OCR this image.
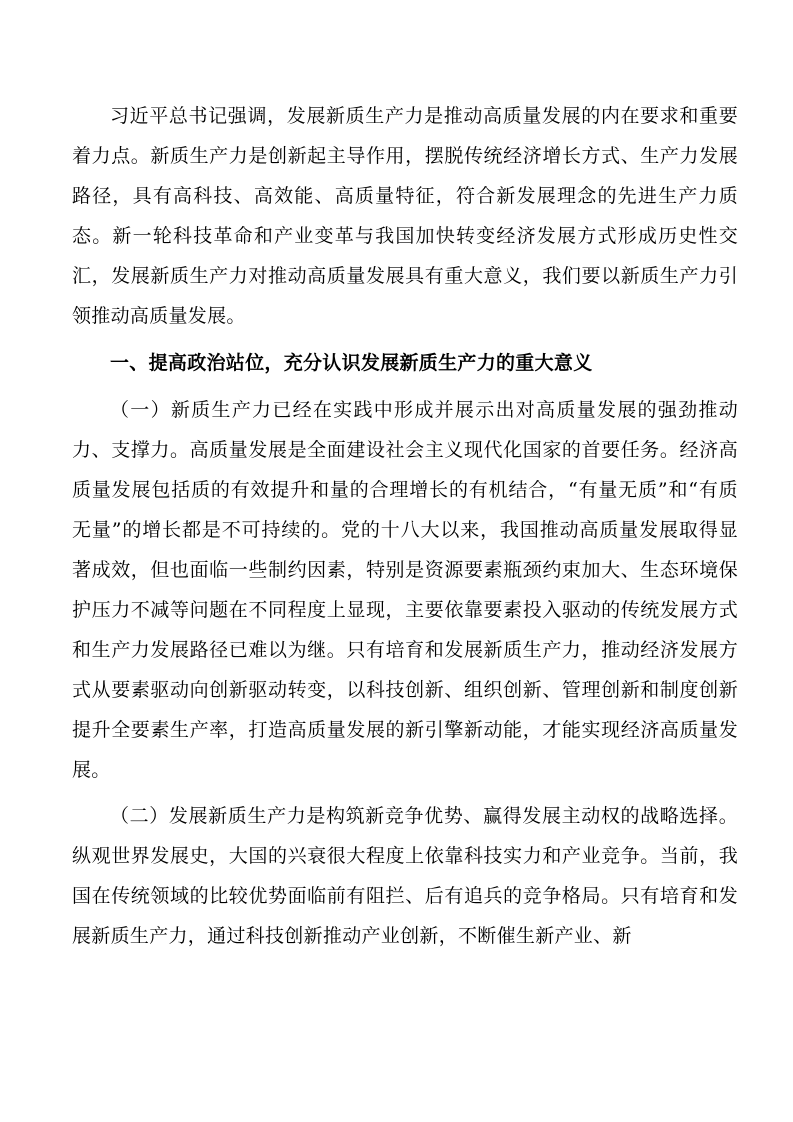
习近平总书记强调，发展新质生产力是推动高质量发展的内在要求和重要着力点。新质生产力是创新起主导作用，摆脱传统经济增长方式、生产力发展路径，具有高科技、高效能、高质量特征，符合新发展理念的先进生产力质态。新一轮科技革命和产业变革与我国加快转变经济发展方式形成历史性交汇，发展新质生产力对推动高质量发展具有重大意义，我们要以新质生产力引领推动高质量发展。

一、提高政治站位，充分认识发展新质生产力的重大意义

（一）新质生产力已经在实践中形成并展示出对高质量发展的强劲推动力、支撑力。高质量发展是全面建设社会主义现代化国家的首要任务。经济高质量发展包括质的有效提升和量的合理增长的有机结合，“有量无质”和“有质无量”的增长都是不可持续的。党的十八大以来，我国推动高质量发展取得显著成效，但也面临一些制约因素，特别是资源要素瓶颈约束加大、生态环境保护压力不减等问题在不同程度上显现，主要依靠要素投入驱动的传统发展方式和生产力发展路径已难以为继。只有培育和发展新质生产力，推动经济发展方式从要素驱动向创新驱动转变，以科技创新、组织创新、管理创新和制度创新提升全要素生产率，打造高质量发展的新引擎新动能，才能实现经济高质量发展。

（二）发展新质生产力是构筑新竞争优势、赢得发展主动权的战略选择。纵观世界发展史，大国的兴衰很大程度上依靠科技实力和产业竞争。当前，我国在传统领域的比较优势面临前有阻拦、后有追兵的竞争格局。只有培育和发展新质生产力，通过科技创新推动产业创新，不断催生新产业、新
